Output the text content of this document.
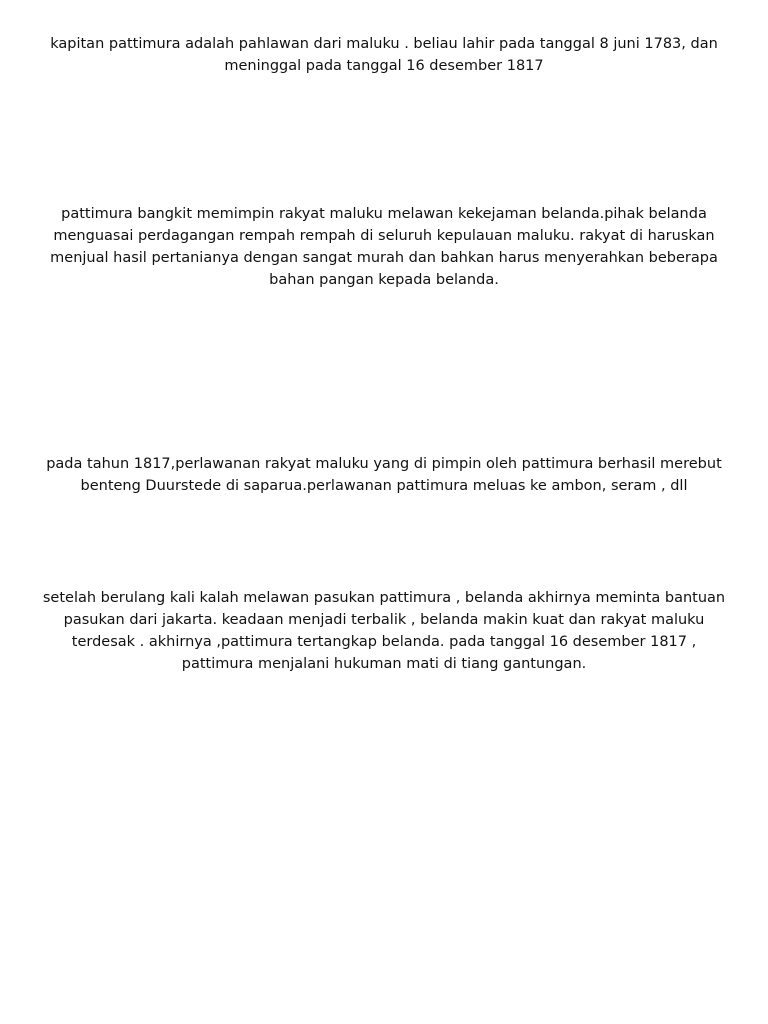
kapitan pattimura adalah pahlawan dari maluku . beliau lahir pada tanggal 8 juni 1783, dan meninggal pada tanggal 16 desember 1817

pattimura bangkit memimpin rakyat maluku melawan kekejaman belanda.pihak belanda menguasai perdagangan rempah rempah di seluruh kepulauan maluku. rakyat di haruskan menjual hasil pertanianya dengan sangat murah dan bahkan harus menyerahkan beberapa bahan pangan kepada belanda.

pada tahun 1817,perlawanan rakyat maluku yang di pimpin oleh pattimura berhasil merebut benteng Duurstede di saparua.perlawanan pattimura meluas ke ambon, seram , dll

setelah berulang kali kalah melawan pasukan pattimura , belanda akhirnya meminta bantuan pasukan dari jakarta. keadaan menjadi terbalik , belanda makin kuat dan rakyat maluku terdesak . akhirnya ,pattimura tertangkap belanda. pada tanggal 16 desember 1817 , pattimura menjalani hukuman mati di tiang gantungan.
